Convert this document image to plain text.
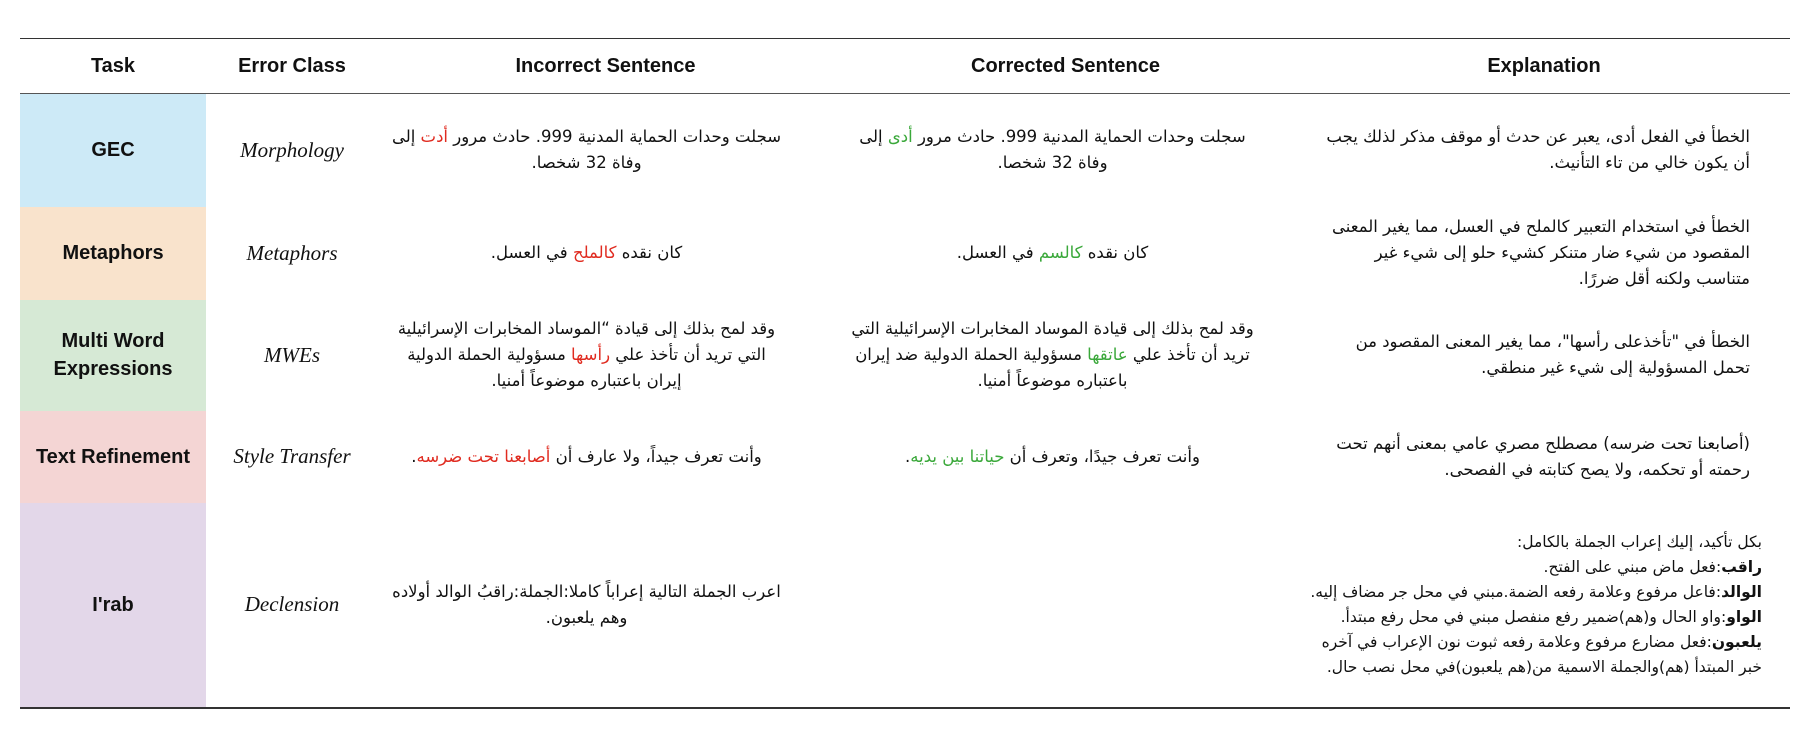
Task	Error Class	Incorrect Sentence	Corrected Sentence	Explanation
GEC	Morphology	سجلت وحدات الحماية المدنية 999. حادث مرور أدت إلى وفاة 32 شخصا.	سجلت وحدات الحماية المدنية 999. حادث مرور أدى إلى وفاة 32 شخصا.	الخطأ في الفعل أدى، يعبر عن حدث أو موقف مذكر لذلك يجب أن يكون خالي من تاء التأنيث.
Metaphors	Metaphors	كان نقده كالملح في العسل.	كان نقده كالسم في العسل.	الخطأ في استخدام التعبير كالملح في العسل، مما يغير المعنى المقصود من شيء ضار متنكر كشيء حلو إلى شيء غير متناسب ولكنه أقل ضررًا.
Multi Word Expressions	MWEs	وقد لمح بذلك إلى قيادة “الموساد المخابرات الإسرائيلية التي تريد أن تأخذ علي رأسها مسؤولية الحملة الدولية إيران باعتباره موضوعاً أمنيا.	وقد لمح بذلك إلى قيادة الموساد المخابرات الإسرائيلية التي تريد أن تأخذ علي عاتقها مسؤولية الحملة الدولية ضد إيران باعتباره موضوعاً أمنيا.	الخطأ في "تأخذعلى رأسها"، مما يغير المعنى المقصود من تحمل المسؤولية إلى شيء غير منطقي.
Text Refinement	Style Transfer	وأنت تعرف جيداً، ولا عارف أن أصابعنا تحت ضرسه.	وأنت تعرف جيدًا، وتعرف أن حياتنا بين يديه.	(أصابعنا تحت ضرسه) مصطلح مصري عامي بمعنى أنهم تحت رحمته أو تحكمه، ولا يصح كتابته في الفصحى.
I'rab	Declension	اعرب الجملة التالية إعراباً كاملا:الجملة:راقبُ الوالد أولاده وهم يلعبون.		بكل تأكيد، إليك إعراب الجملة بالكامل:
راقب:فعل ماض مبني على الفتح.
الوالد:فاعل مرفوع وعلامة رفعه الضمة.مبني في محل جر مضاف إليه.
الواو:واو الحال و(هم)ضمير رفع منفصل مبني في محل رفع مبتدأ.
يلعبون:فعل مضارع مرفوع وعلامة رفعه ثبوت نون الإعراب في آخره خبر المبتدأ (هم)والجملة الاسمية من(هم يلعبون)في محل نصب حال.
